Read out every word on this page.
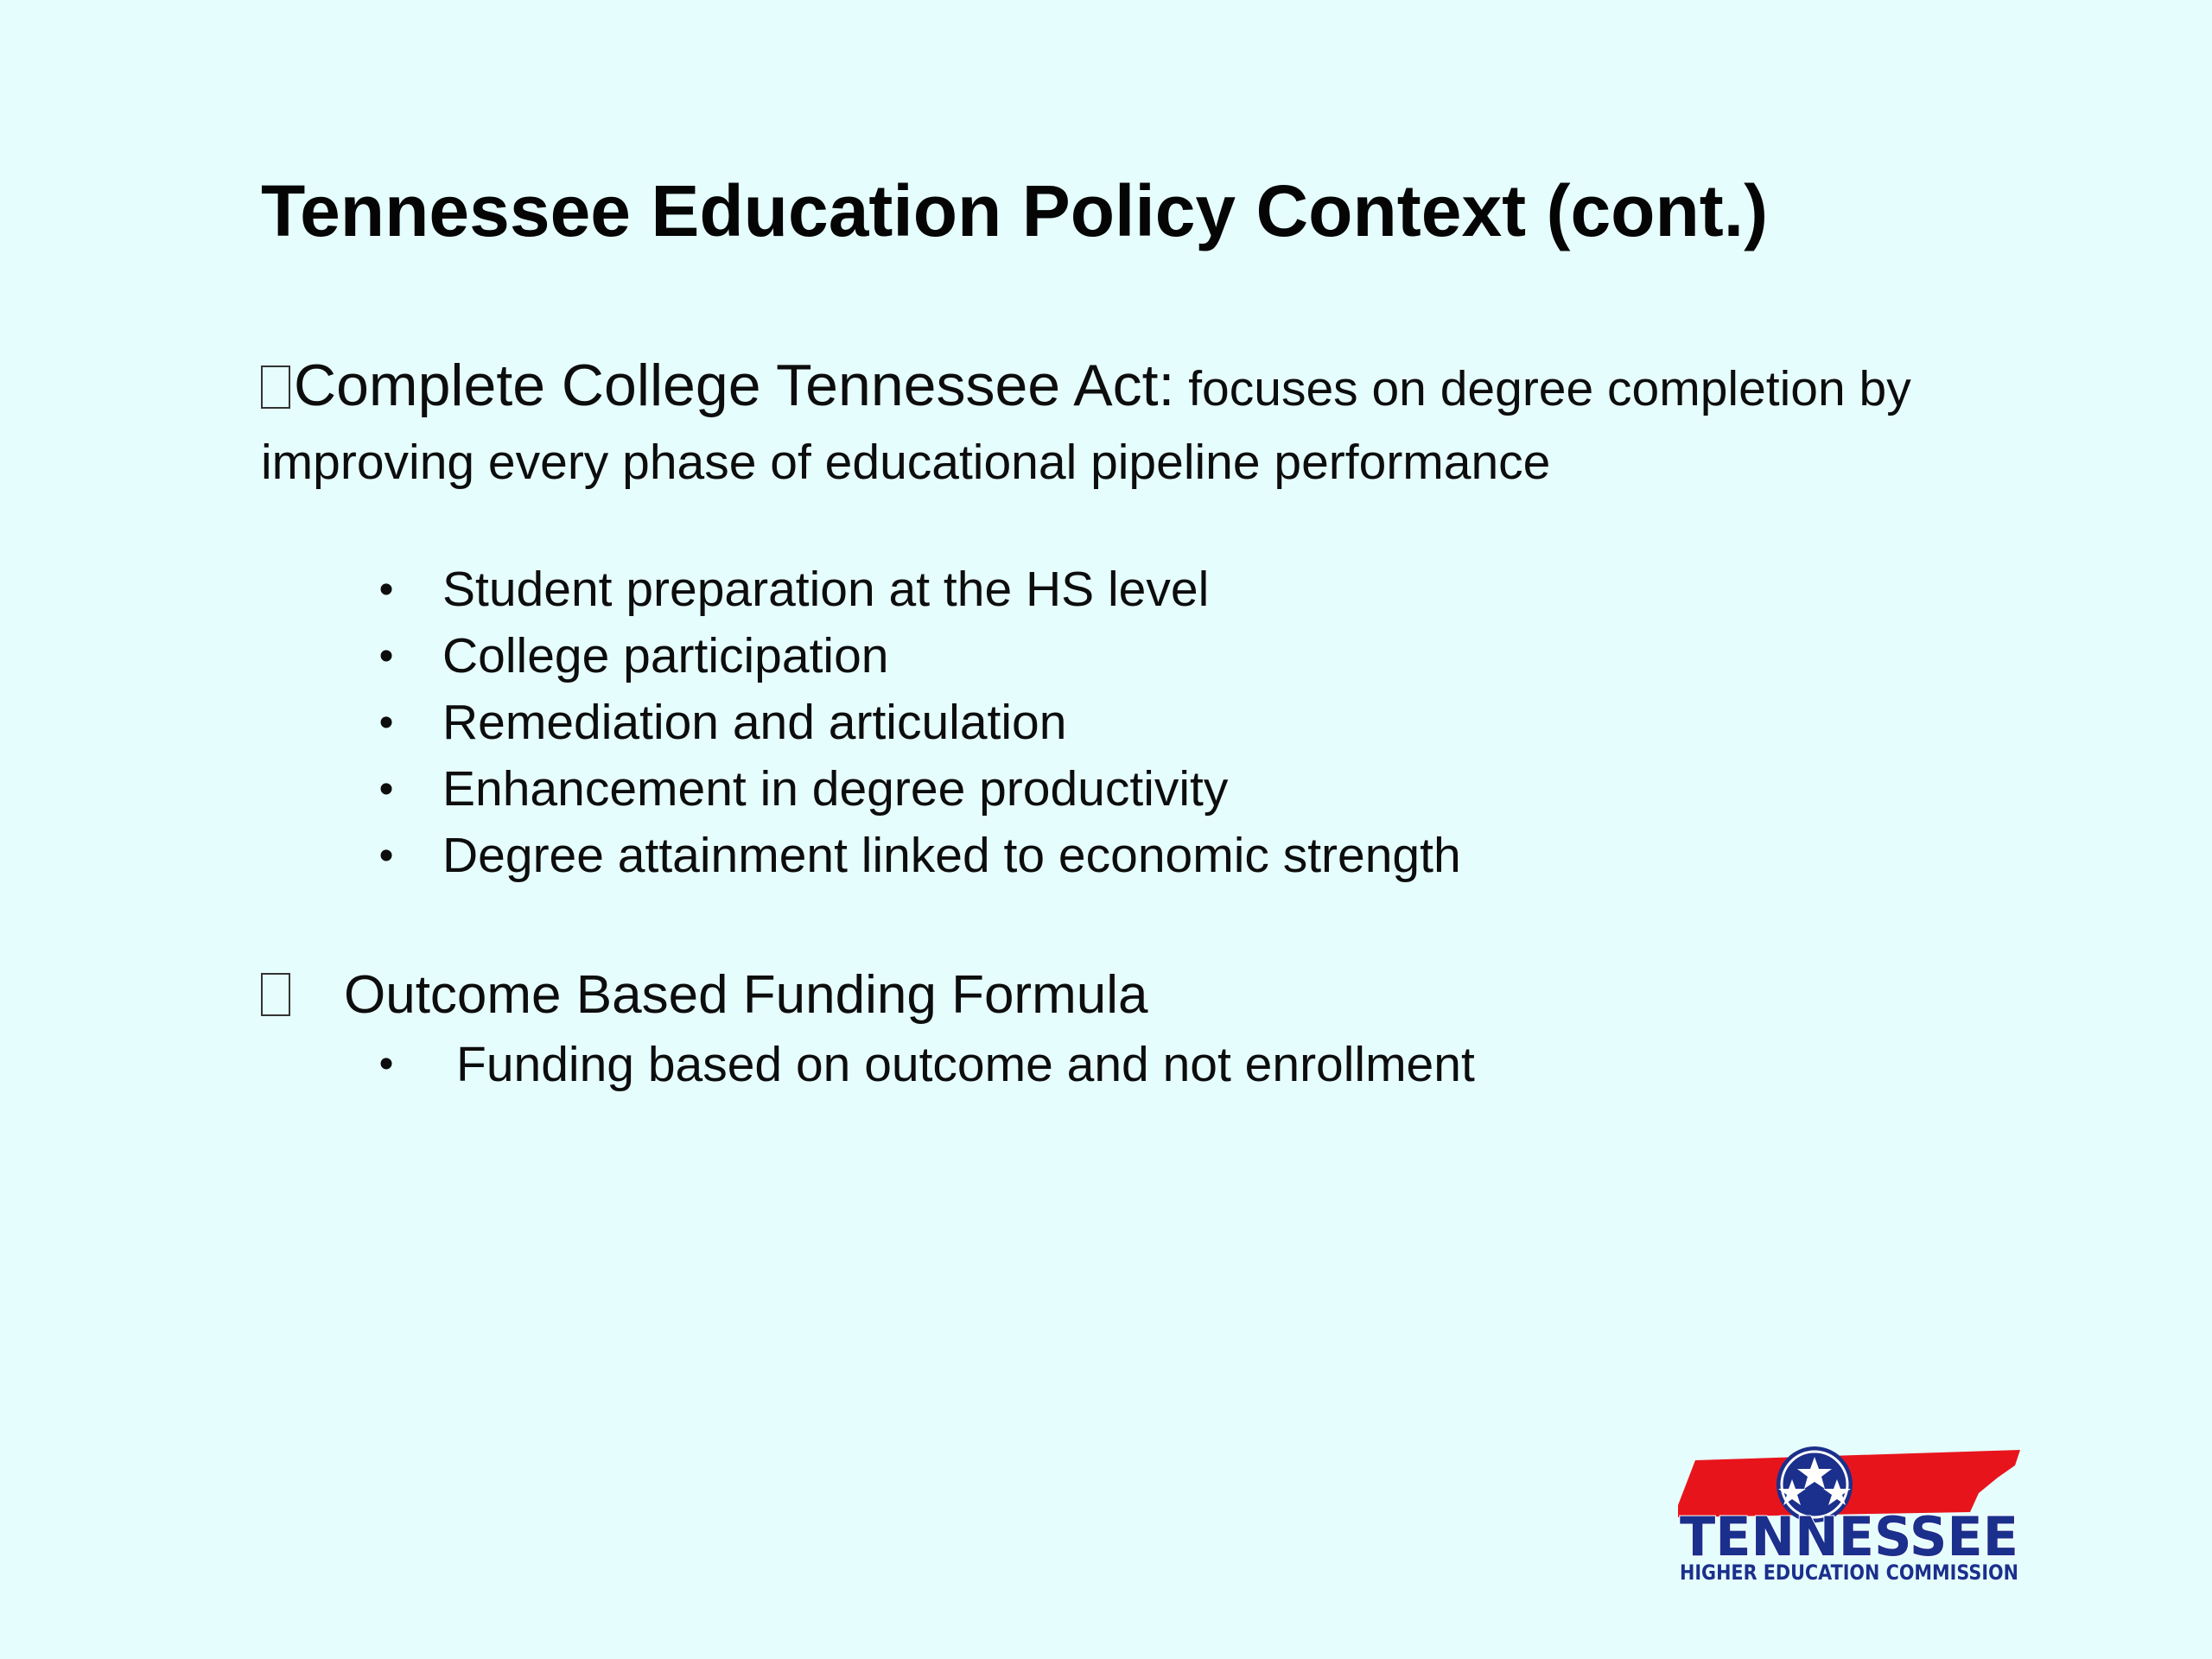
Tennessee Education Policy Context (cont.)

Complete College Tennessee Act: focuses on degree completion by improving every phase of educational pipeline performance

• Student preparation at the HS level
• College participation
• Remediation and articulation
• Enhancement in degree productivity
• Degree attainment linked to economic strength

Outcome Based Funding Formula

• Funding based on outcome and not enrollment
TENNESSEE
HIGHER EDUCATION COMMISSION
